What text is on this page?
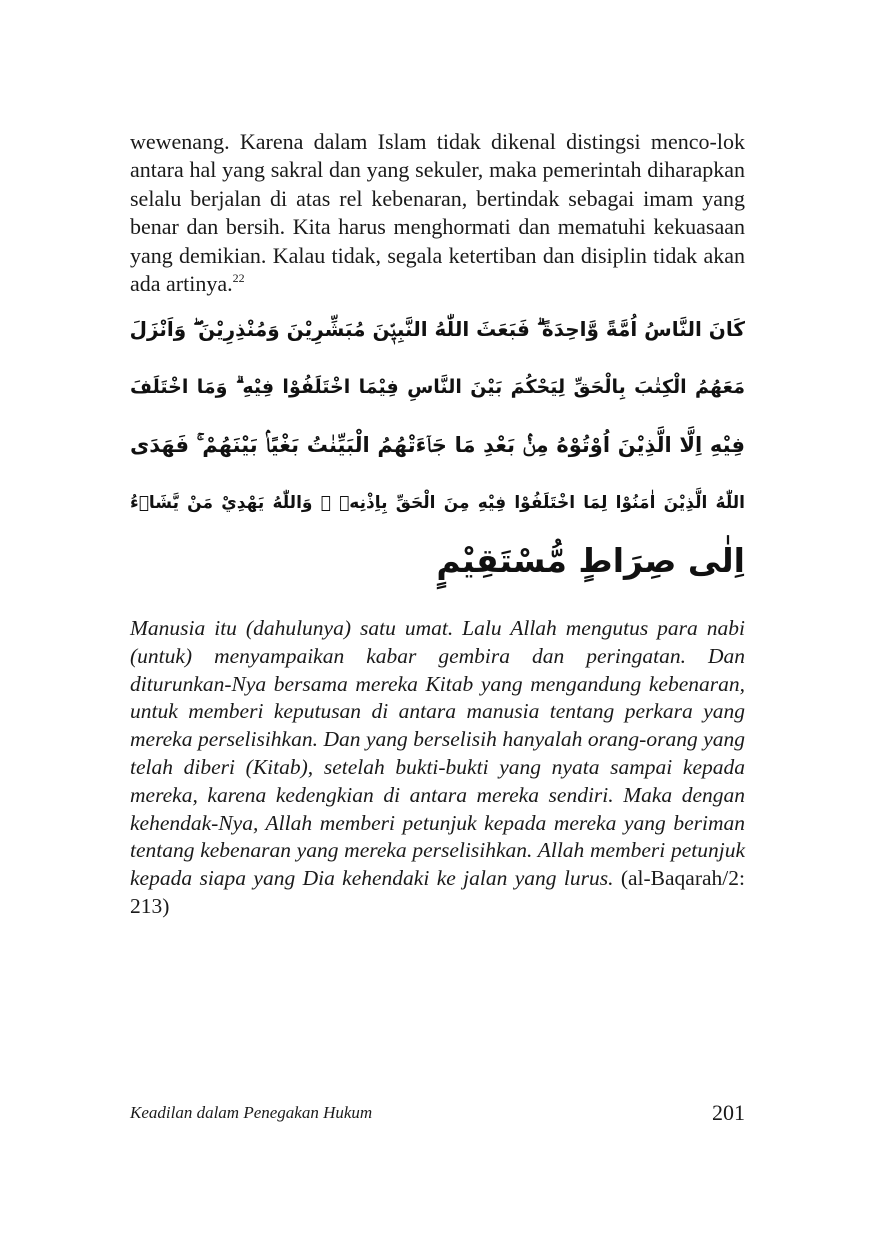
wewenang. Karena dalam Islam tidak dikenal distingsi menco-lok antara hal yang sakral dan yang sekuler, maka pemerintah diharapkan selalu berjalan di atas rel kebenaran, bertindak sebagai imam yang benar dan bersih. Kita harus menghormati dan mematuhi kekuasaan yang demikian. Kalau tidak, segala ketertiban dan disiplin tidak akan ada artinya.$^{22}$

كَانَ النَّاسُ اُمَّةً وَّاحِدَةً ۗ فَبَعَثَ اللّٰهُ النَّبِيّٖنَ مُبَشِّرِيْنَ وَمُنْذِرِيْنَ ۖ وَاَنْزَلَ
مَعَهُمُ الْكِتٰبَ بِالْحَقِّ لِيَحْكُمَ بَيْنَ النَّاسِ فِيْمَا اخْتَلَفُوْا فِيْهِ ۗ وَمَا اخْتَلَفَ
فِيْهِ اِلَّا الَّذِيْنَ اُوْتُوْهُ مِنْۢ بَعْدِ مَا جَاۤءَتْهُمُ الْبَيِّنٰتُ بَغْيًاۢ بَيْنَهُمْ ۚ فَهَدَى
اللّٰهُ الَّذِيْنَ اٰمَنُوْا لِمَا اخْتَلَفُوْا فِيْهِ مِنَ الْحَقِّ بِاِذْنِهٖ ۗ وَاللّٰهُ يَهْدِيْ مَنْ يَّشَاۤءُ
اِلٰى صِرَاطٍ مُّسْتَقِيْمٍ

Manusia itu (dahulunya) satu umat. Lalu Allah mengutus para nabi (untuk) menyampaikan kabar gembira dan peringatan. Dan diturunkan-Nya bersama mereka Kitab yang mengandung kebenaran, untuk memberi keputusan di antara manusia tentang perkara yang mereka perselisihkan. Dan yang berselisih hanyalah orang-orang yang telah diberi (Kitab), setelah bukti-bukti yang nyata sampai kepada mereka, karena kedengkian di antara mereka sendiri. Maka dengan kehendak-Nya, Allah memberi petunjuk kepada mereka yang beriman tentang kebenaran yang mereka perselisihkan. Allah memberi petunjuk kepada siapa yang Dia kehendaki ke jalan yang lurus. (al-Baqarah/2: 213)

Keadilan dalam Penegakan Hukum	201
